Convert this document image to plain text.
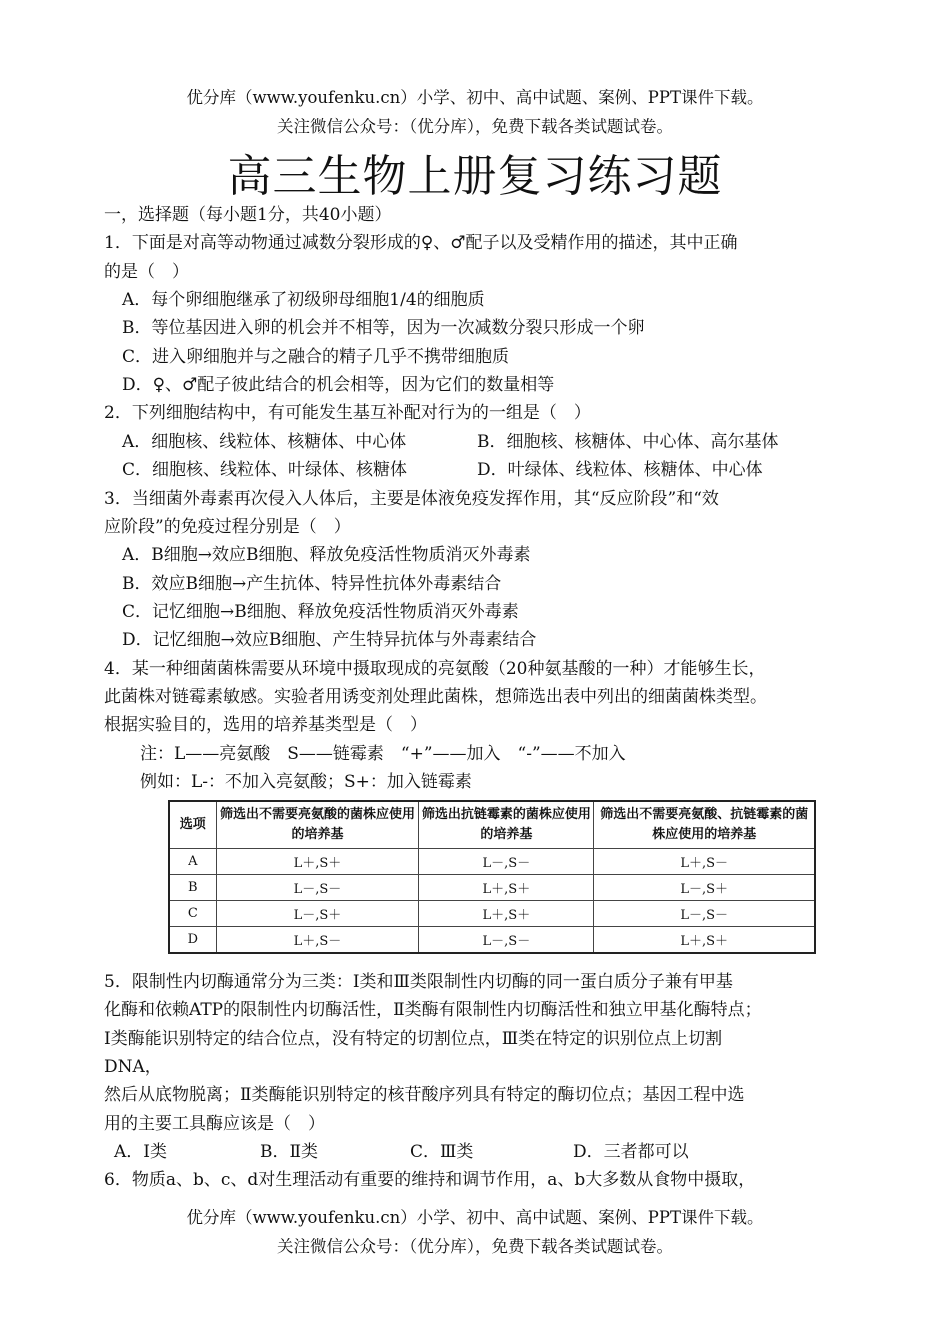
优分库（www.youfenku.cn）小学、初中、高中试题、案例、PPT课件下载。
关注微信公众号：（优分库），免费下载各类试题试卷。
高三生物上册复习练习题
一，选择题（每小题1分，共40小题）
1．下面是对高等动物通过减数分裂形成的♀、♂配子以及受精作用的描述，其中正确
的是（　）
A．每个卵细胞继承了初级卵母细胞1/4的细胞质
B．等位基因进入卵的机会并不相等，因为一次减数分裂只形成一个卵
C．进入卵细胞并与之融合的精子几乎不携带细胞质
D．♀、♂配子彼此结合的机会相等，因为它们的数量相等
2．下列细胞结构中，有可能发生基互补配对行为的一组是（　）
A．细胞核、线粒体、核糖体、中心体	B．细胞核、核糖体、中心体、高尔基体
C．细胞核、线粒体、叶绿体、核糖体	D．叶绿体、线粒体、核糖体、中心体
3．当细菌外毒素再次侵入人体后，主要是体液免疫发挥作用，其“反应阶段”和“效
应阶段”的免疫过程分别是（　）
A．B细胞→效应B细胞、释放免疫活性物质消灭外毒素
B．效应B细胞→产生抗体、特异性抗体外毒素结合
C．记忆细胞→B细胞、释放免疫活性物质消灭外毒素
D．记忆细胞→效应B细胞、产生特异抗体与外毒素结合
4．某一种细菌菌株需要从环境中摄取现成的亮氨酸（20种氨基酸的一种）才能够生长，
此菌株对链霉素敏感。实验者用诱变剂处理此菌株，想筛选出表中列出的细菌菌株类型。
根据实验目的，选用的培养基类型是（　）
注：L——亮氨酸　S——链霉素　“+”——加入　“-”——不加入
例如：L-：不加入亮氨酸；S+：加入链霉素
选项	筛选出不需要亮氨酸的菌株应使用的培养基	筛选出抗链霉素的菌株应使用的培养基	筛选出不需要亮氨酸、抗链霉素的菌株应使用的培养基
A	L＋,S＋	L－,S－	L＋,S－
B	L－,S－	L＋,S＋	L－,S＋
C	L－,S＋	L＋,S＋	L－,S－
D	L＋,S－	L－,S－	L＋,S＋
5．限制性内切酶通常分为三类：Ⅰ类和Ⅲ类限制性内切酶的同一蛋白质分子兼有甲基
化酶和依赖ATP的限制性内切酶活性，Ⅱ类酶有限制性内切酶活性和独立甲基化酶特点；
I类酶能识别特定的结合位点，没有特定的切割位点，Ⅲ类在特定的识别位点上切割
DNA，
然后从底物脱离；Ⅱ类酶能识别特定的核苷酸序列具有特定的酶切位点；基因工程中选
用的主要工具酶应该是（　）
A．Ⅰ类	B．Ⅱ类	C．Ⅲ类	D．三者都可以
6．物质a、b、c、d对生理活动有重要的维持和调节作用，a、b大多数从食物中摄取，
优分库（www.youfenku.cn）小学、初中、高中试题、案例、PPT课件下载。
关注微信公众号：（优分库），免费下载各类试题试卷。
